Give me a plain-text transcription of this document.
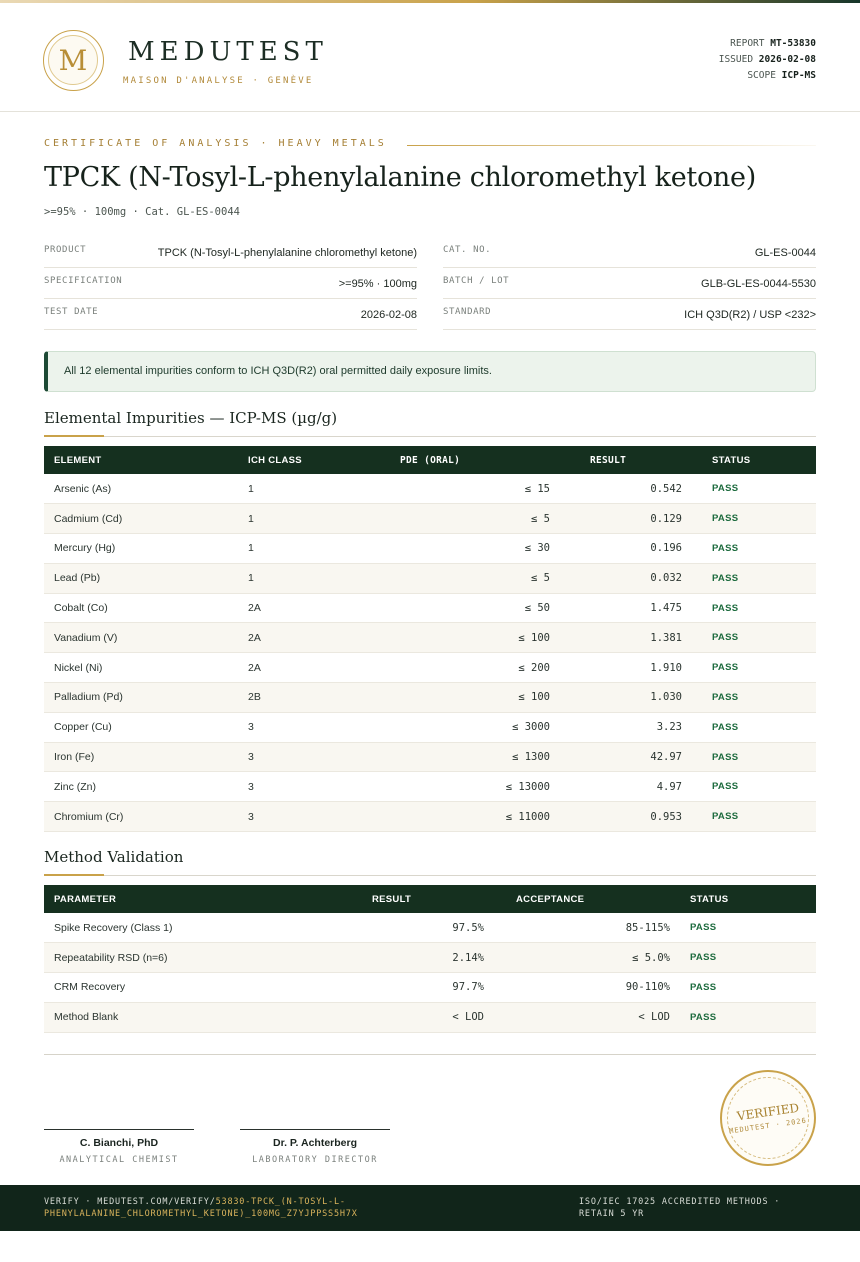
M	MEDUTEST
MAISON D'ANALYSE · GENÈVE
REPORT MT-53830
ISSUED 2026-02-08
SCOPE ICP-MS
CERTIFICATE OF ANALYSIS · HEAVY METALS
TPCK (N-Tosyl-L-phenylalanine chloromethyl ketone)
>=95% · 100mg · Cat. GL-ES-0044
PRODUCT	TPCK (N-Tosyl-L-phenylalanine chloromethyl ketone)
SPECIFICATION	>=95% · 100mg
TEST DATE	2026-02-08
CAT. NO.	GL-ES-0044
BATCH / LOT	GLB-GL-ES-0044-5530
STANDARD	ICH Q3D(R2) / USP <232>
All 12 elemental impurities conform to ICH Q3D(R2) oral permitted daily exposure limits.
Elemental Impurities — ICP-MS (µg/g)
ELEMENT	ICH CLASS	PDE (ORAL)	RESULT	STATUS
Arsenic (As)	1	≤ 15	0.542	PASS
Cadmium (Cd)	1	≤ 5	0.129	PASS
Mercury (Hg)	1	≤ 30	0.196	PASS
Lead (Pb)	1	≤ 5	0.032	PASS
Cobalt (Co)	2A	≤ 50	1.475	PASS
Vanadium (V)	2A	≤ 100	1.381	PASS
Nickel (Ni)	2A	≤ 200	1.910	PASS
Palladium (Pd)	2B	≤ 100	1.030	PASS
Copper (Cu)	3	≤ 3000	3.23	PASS
Iron (Fe)	3	≤ 1300	42.97	PASS
Zinc (Zn)	3	≤ 13000	4.97	PASS
Chromium (Cr)	3	≤ 11000	0.953	PASS
Method Validation
PARAMETER	RESULT	ACCEPTANCE	STATUS
Spike Recovery (Class 1)	97.5%	85-115%	PASS
Repeatability RSD (n=6)	2.14%	≤ 5.0%	PASS
CRM Recovery	97.7%	90-110%	PASS
Method Blank	< LOD	< LOD	PASS
C. Bianchi, PhD
ANALYTICAL CHEMIST
Dr. P. Achterberg
LABORATORY DIRECTOR
VERIFIED
MEDUTEST · 2026
VERIFY · MEDUTEST.COM/VERIFY/53830-TPCK_(N-TOSYL-L-PHENYLALANINE_CHLOROMETHYL_KETONE)_100MG_Z7YJPPSS5H7X
ISO/IEC 17025 ACCREDITED METHODS · RETAIN 5 YR
